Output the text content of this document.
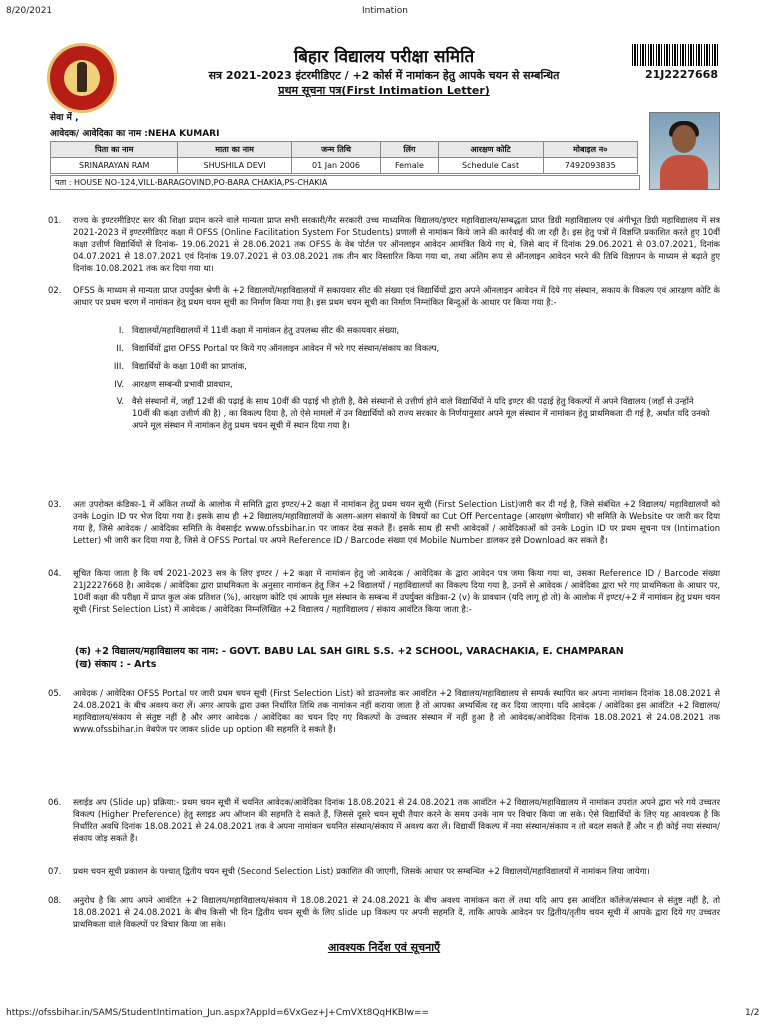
8/20/2021	Intimation
बिहार विद्यालय परीक्षा समिति
सत्र 2021-2023 इंटरमीडिएट / +2 कोर्स में नामांकन हेतु आपके चयन से सम्बन्धित
प्रथम सूचना पत्र(First Intimation Letter)
21J2227668
सेवा में ,
आवेदक/ आवेदिका का नाम :NEHA KUMARI
पिता का नाम	माता का नाम	जन्म तिथि	लिंग	आरक्षण कोटि	मोबाइल न०
SRINARAYAN RAM	SHUSHILA DEVI	01 Jan 2006	Female	Schedule Cast	7492093835
पता : HOUSE NO-124,VILL-BARAGOVIND,PO-BARA CHAKIA,PS-CHAKIA
01. राज्य के इण्टरमीडिएट स्तर की शिक्षा प्रदान करने वाले मान्यता प्राप्त सभी सरकारी/गैर सरकारी उच्च माध्यमिक विद्यालय/इण्टर महाविद्यालय/सम्बद्धता प्राप्त डिग्री महाविद्यालय एवं अंगीभूत डिग्री महाविद्यालय में सत्र 2021-2023 में इण्टरमीडिएट कक्षा में OFSS (Online Facilitation System For Students) प्रणाली से नामांकन किये जाने की कार्रवाई की जा रही है। इस हेतु पत्रों में विज्ञप्ति प्रकाशित करते हुए 10वीं कक्षा उत्तीर्ण विद्यार्थियों से दिनांक- 19.06.2021 से 28.06.2021 तक OFSS के वेब पोर्टल पर ऑनलाइन आवेदन आमंत्रित किये गए थे, जिसे बाद में दिनांक 29.06.2021 से 03.07.2021, दिनांक 04.07.2021 से 18.07.2021 एवं दिनांक 19.07.2021 से 03.08.2021 तक तीन बार विस्तारित किया गया था, तथा अंतिम रूप से ऑनलाइन आवेदन भरने की तिथि विज्ञापन के माध्यम से बढ़ाते हुए दिनांक 10.08.2021 तक कर दिया गया था।
02. OFSS के माध्यम से मान्यता प्राप्त उपर्युक्त श्रेणी के +2 विद्यालयों/महाविद्यालयों में सकायवार सीट की संख्या एवं विद्यार्थियों द्वारा अपने ऑनलाइन आवेदन में दिये गए संस्थान, सकाय के विकल्प एवं आरक्षण कोटि के आधार पर प्रथम चरण में नामांकन हेतु प्रथम चयन सूची का निर्माण किया गया है। इस प्रथम चयन सूची का निर्माण निम्नांकित बिन्दुओं के आधार पर किया गया है:-
I. विद्यालयों/महाविद्यालयों में 11वीं कक्षा में नामांकन हेतु उपलब्ध सीट की सकायवार संख्या,
II. विद्यार्थियों द्वारा OFSS Portal पर किये गए ऑनलाइन आवेदन में भरे गए संस्थान/संकाय का विकल्प,
III. विद्यार्थियों के कक्षा 10वीं का प्राप्तांक,
IV. आरक्षण सम्बन्धी प्रभावी प्रावधान,
V. वैसे संस्थानों में, जहाँ 12वीं की पढ़ाई के साथ 10वीं की पढ़ाई भी होती है, वैसे संस्थानों से उत्तीर्ण होने वाले विद्यार्थियों ने यदि इण्टर की पढ़ाई हेतु विकल्पों में अपने विद्यालय (जहाँ से उन्होंने 10वीं की कक्षा उत्तीर्ण की है) , का विकल्प दिया है, तो ऐसे मामलों में उन विद्यार्थियों को राज्य सरकार के निर्णयानुसार अपने मूल संस्थान में नामांकन हेतु प्राथमिकता दी गई है, अर्थात यदि उनको अपने मूल संस्थान में नामांकन हेतु प्रथम चयन सूची में स्थान दिया गया है।
03. अतः उपरोक्त कंडिका-1 में अंकित तथ्यों के आलोक में समिति द्वारा इण्टर/+2 कक्षा में नामांकन हेतु प्रथम चयन सूची (First Selection List)जारी कर दी गई है, जिसे संबंधित +2 विद्यालय/ महाविद्यालयों को उनके Login ID पर भेज दिया गया है। इसके साथ ही +2 विद्यालय/महाविद्यालयों के अलग-अलग संकायों के विषयों का Cut Off Percentage (आरक्षण श्रेणीवार) भी समिति के Website पर जारी कर दिया गया है, जिसे आवेदक / आवेदिका समिति के वेबसाईट www.ofssbihar.in पर जाकर देख सकते हैं। इसके साथ ही सभी आवेदकों / आवेदिकाओं को उनके Login ID पर प्रथम सूचना पत्र (Intimation Letter) भी जारी कर दिया गया है, जिसे वे OFSS Portal पर अपने Reference ID / Barcode संख्या एवं Mobile Number डालकर इसे Download कर सकते हैं।
04. सूचित किया जाता है कि वर्ष 2021-2023 सत्र के लिए इण्टर / +2 कक्षा में नामांकन हेतु जो आवेदक / आवेदिका के द्वारा आवेदन पत्र जमा किया गया था, उसका Reference ID / Barcode संख्या 21J2227668 है। आवेदक / आवेदिका द्वारा प्राथमिकता के अनुसार नामांकन हेतु जिन +2 विद्यालयों / महाविद्यालयों का विकल्प दिया गया है, उनमें से आवेदक / आवेदिका द्वारा भरे गए प्राथमिकता के आधार पर, 10वीं कक्षा की परीक्षा में प्राप्त कुल अंक प्रतिशत (%), आरक्षण कोटि एवं आपके मूल संस्थान के सम्बन्ध में उपर्युक्त कंडिका-2 (v) के प्रावधान (यदि लागू हो तो) के आलोक में इण्टर/+2 में नामांकन हेतु प्रथम चयन सूची (First Selection List) में आवेदक / आवेदिका निम्नलिखित +2 विद्यालय / महाविद्यालय / संकाय आवंटित किया जाता है:-
(क) +2 विद्यालय/महाविद्यालय का नाम: - GOVT. BABU LAL SAH GIRL S.S. +2 SCHOOL, VARACHAKIA, E. CHAMPARAN
(ख) संकाय : - Arts
05. आवेदक / आवेदिका OFSS Portal पर जारी प्रथम चयन सूची (First Selection List) को डाउनलोड कर आवंटित +2 विद्यालय/महाविद्यालय से सम्पर्क स्थापित कर अपना नामांकन दिनांक 18.08.2021 से 24.08.2021 के बीच अवश्य करा लें। अगर आपके द्वारा उक्त निर्धारित तिथि तक नामांकन नहीं कराया जाता है तो आपका अभ्यर्थित्व रद्द कर दिया जाएगा। यदि आवेदक / आवेदिका इस आवंटित +2 विद्यालय/महाविद्यालय/संकाय से संतुष्ट नहीं है और अगर आवेदक / आवेदिका का चयन दिए गए विकल्पों के उच्चतर संस्थान में नहीं हुआ है तो आवेदक/आवेदिका दिनांक 18.08.2021 से 24.08.2021 तक www.ofssbihar.in वेबपेज पर जाकर slide up option की सहमति दे सकते हैं।
06. स्लाईड अप (Slide up) प्रक्रिया:- प्रथम चयन सूची में चयनित आवेदक/आवेदिका दिनांक 18.08.2021 से 24.08.2021 तक आवंटित +2 विद्यालय/महाविद्यालय में नामांकन उपरांत अपने द्वारा भरे गये उच्चतर विकल्प (Higher Preference) हेतु स्लाइड अप ऑप्शन की सहमति दे सकते हैं, जिससे दूसरे चयन सूची तैयार करने के समय उनके नाम पर विचार किया जा सके। ऐसे विद्यार्थियों के लिए यह आवश्यक है कि निर्धारित अवधि दिनांक 18.08.2021 से 24.08.2021 तक वे अपना नामांकन चयनित संस्थान/संकाय में अवश्य करा लें। विद्यार्थी विकल्प में नया संस्थान/संकाय न तो बदल सकते हैं और न ही कोई नया संस्थान/संकाय जोड़ सकते हैं।
07. प्रथम चयन सूची प्रकाशन के पश्चात् द्वितीय चयन सूची (Second Selection List) प्रकाशित की जाएगी, जिसके आधार पर सम्बन्धित +2 विद्यालयों/महाविद्यालयों में नामांकन लिया जायेगा।
08. अनुरोध है कि आप अपने आवंटित +2 विद्यालय/महाविद्यालय/संकाय में 18.08.2021 से 24.08.2021 के बीच अवश्य नामांकन करा लें तथा यदि आप इस आवंटित कॉलेज/संस्थान से संतुष्ट नहीं है, तो 18.08.2021 से 24.08.2021 के बीच किसी भी दिन द्वितीय चयन सूची के लिए slide up विकल्प पर अपनी सहमति दें, ताकि आपके आवेदन पर द्वितीय/तृतीय चयन सूची में आपके द्वारा दिये गए उच्चतर प्राथमिकता वाले विकल्पों पर विचार किया जा सके।
आवश्यक निर्देश एवं सूचनाएँ
https://ofssbihar.in/SAMS/StudentIntimation_Jun.aspx?AppId=6VxGez+J+CmVXt8QqHKBIw==	1/2
